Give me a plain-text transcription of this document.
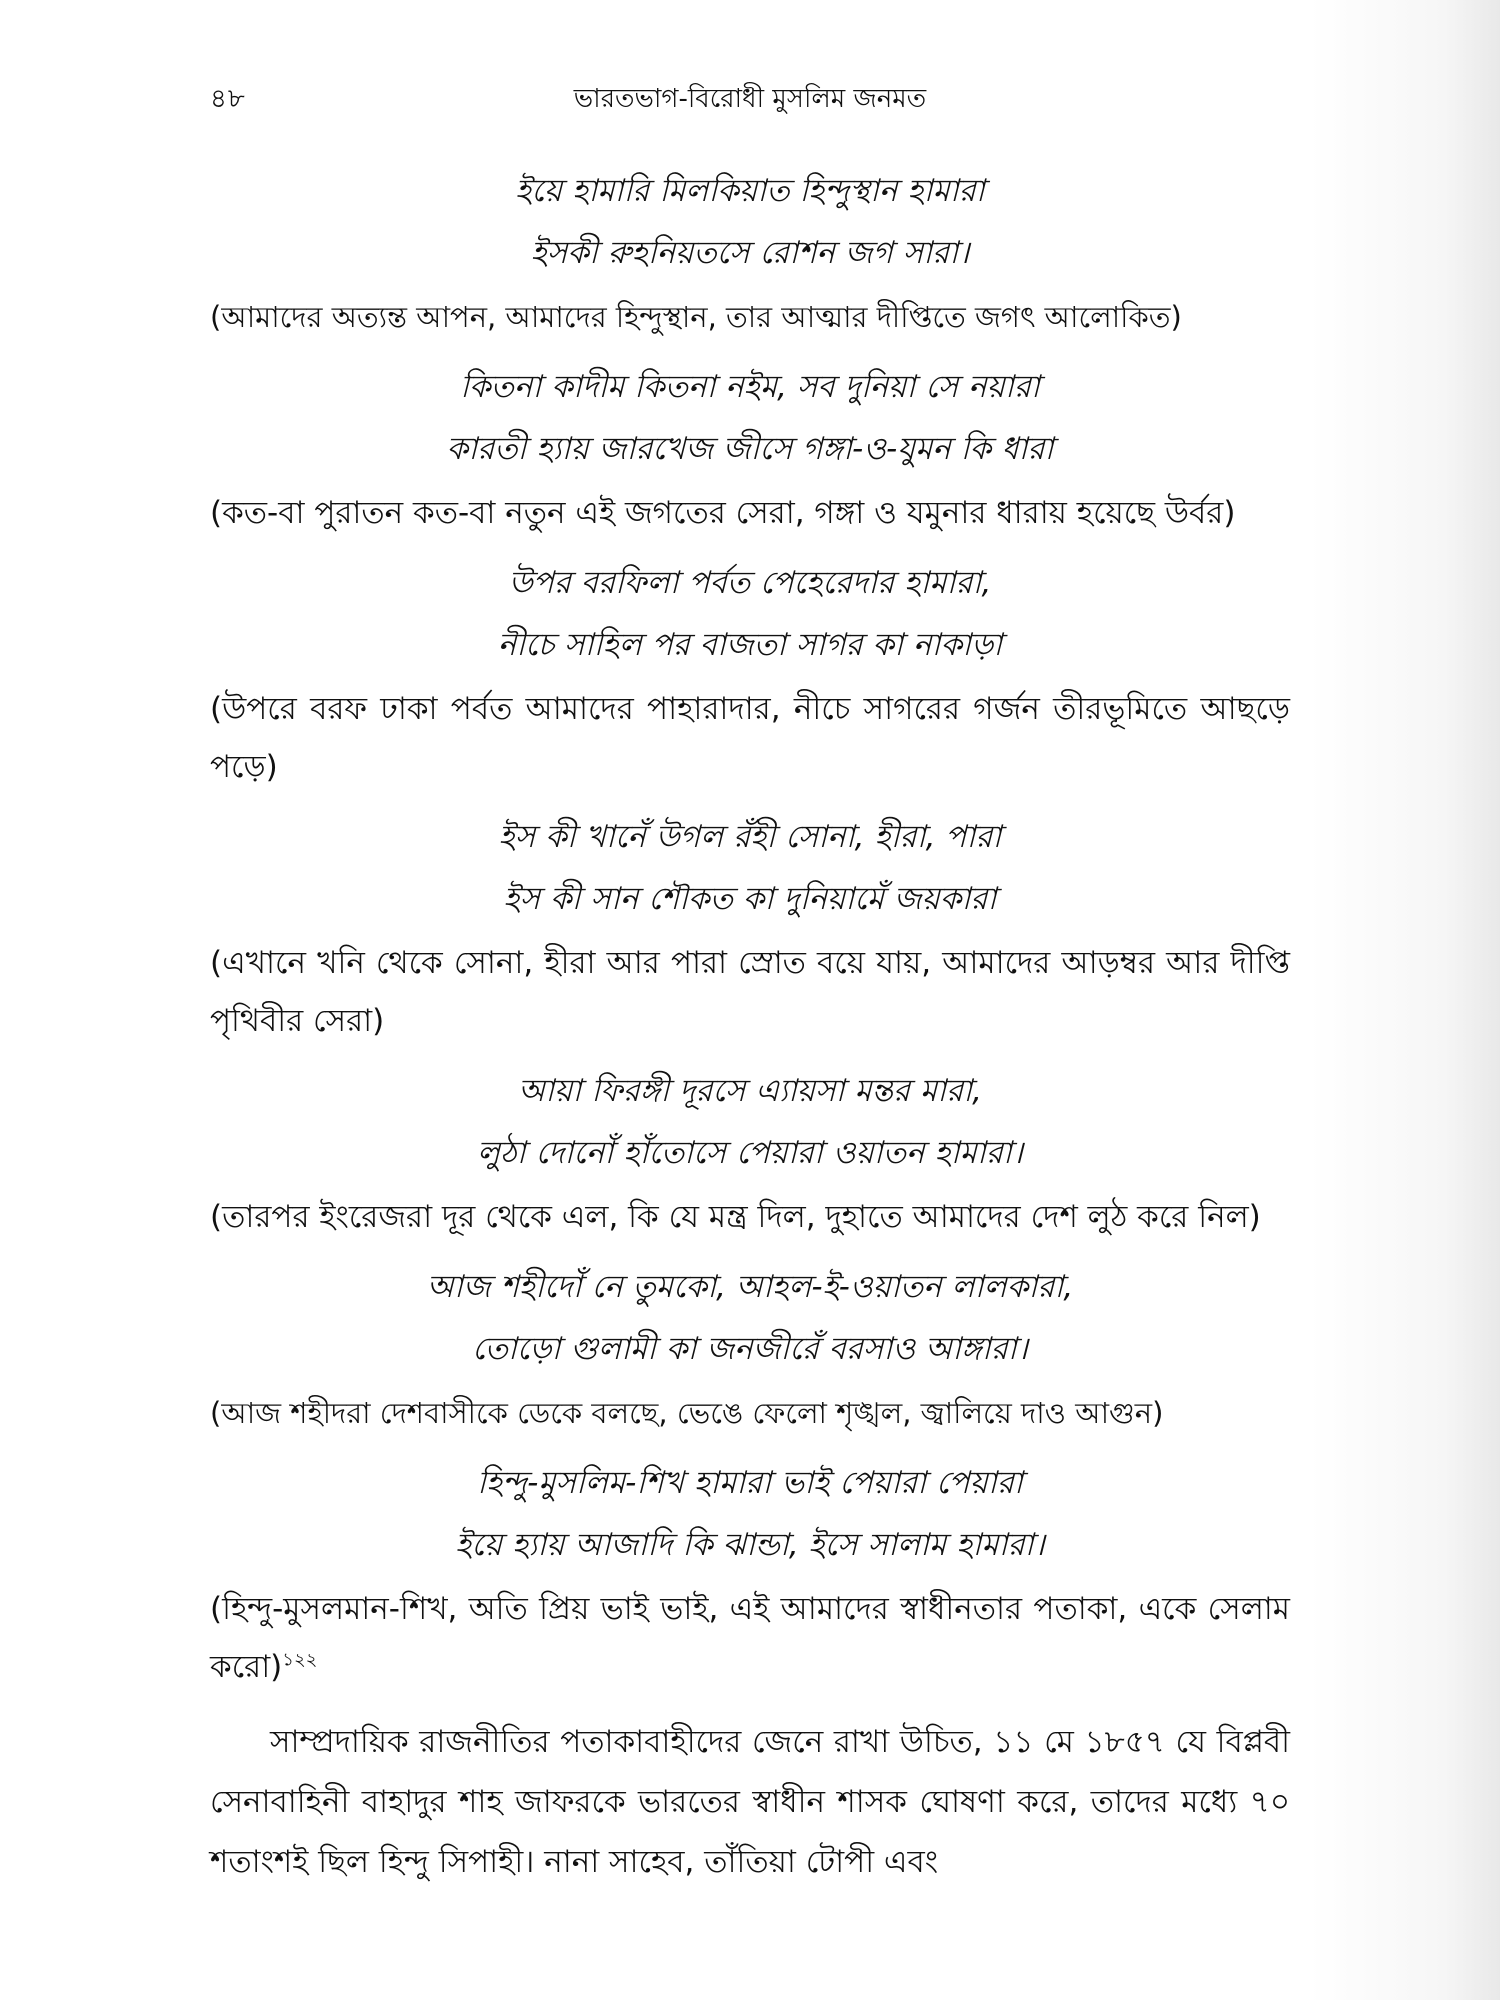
৪৮	ভারতভাগ-বিরোধী মুসলিম জনমত
ইয়ে হামারি মিলকিয়াত হিন্দুস্থান হামারা
ইসকী রুহনিয়তসে রোশন জগ সারা।
(আমাদের অত্যন্ত আপন, আমাদের হিন্দুস্থান, তার আত্মার দীপ্তিতে জগৎ আলোকিত)
কিতনা কাদীম কিতনা নইম, সব দুনিয়া সে নয়ারা
কারতী হ্যায় জারখেজ জীসে গঙ্গা-ও-যুমন কি ধারা
(কত-বা পুরাতন কত-বা নতুন এই জগতের সেরা, গঙ্গা ও যমুনার ধারায় হয়েছে উর্বর)
উপর বরফিলা পর্বত পেহেরেদার হামারা,
নীচে সাহিল পর বাজতা সাগর কা নাকাড়া
(উপরে বরফ ঢাকা পর্বত আমাদের পাহারাদার, নীচে সাগরের গর্জন তীরভূমিতে আছড়ে পড়ে)
ইস কী খানেঁ উগল রঁহী সোনা, হীরা, পারা
ইস কী সান শৌকত কা দুনিয়ামেঁ জয়কারা
(এখানে খনি থেকে সোনা, হীরা আর পারা স্রোত বয়ে যায়, আমাদের আড়ম্বর আর দীপ্তি পৃথিবীর সেরা)
আয়া ফিরঙ্গী দূরসে এ্যায়সা মন্তর মারা,
লুঠা দোনোঁ হাঁতোসে পেয়ারা ওয়াতন হামারা।
(তারপর ইংরেজরা দূর থেকে এল, কি যে মন্ত্র দিল, দুহাতে আমাদের দেশ লুঠ করে নিল)
আজ শহীদোঁ নে তুমকো, আহল-ই-ওয়াতন লালকারা,
তোড়ো গুলামী কা জনজীরেঁ বরসাও আঙ্গারা।
(আজ শহীদরা দেশবাসীকে ডেকে বলছে, ভেঙে ফেলো শৃঙ্খল, জ্বালিয়ে দাও আগুন)
হিন্দু-মুসলিম-শিখ হামারা ভাই পেয়ারা পেয়ারা
ইয়ে হ্যায় আজাদি কি ঝান্ডা, ইসে সালাম হামারা।
(হিন্দু-মুসলমান-শিখ, অতি প্রিয় ভাই ভাই, এই আমাদের স্বাধীনতার পতাকা, একে সেলাম করো)$^{১২২}$
সাম্প্রদায়িক রাজনীতির পতাকাবাহীদের জেনে রাখা উচিত, ১১ মে ১৮৫৭ যে বিপ্লবী সেনাবাহিনী বাহাদুর শাহ জাফরকে ভারতের স্বাধীন শাসক ঘোষণা করে, তাদের মধ্যে ৭০ শতাংশই ছিল হিন্দু সিপাহী। নানা সাহেব, তাঁতিয়া টোপী এবং
